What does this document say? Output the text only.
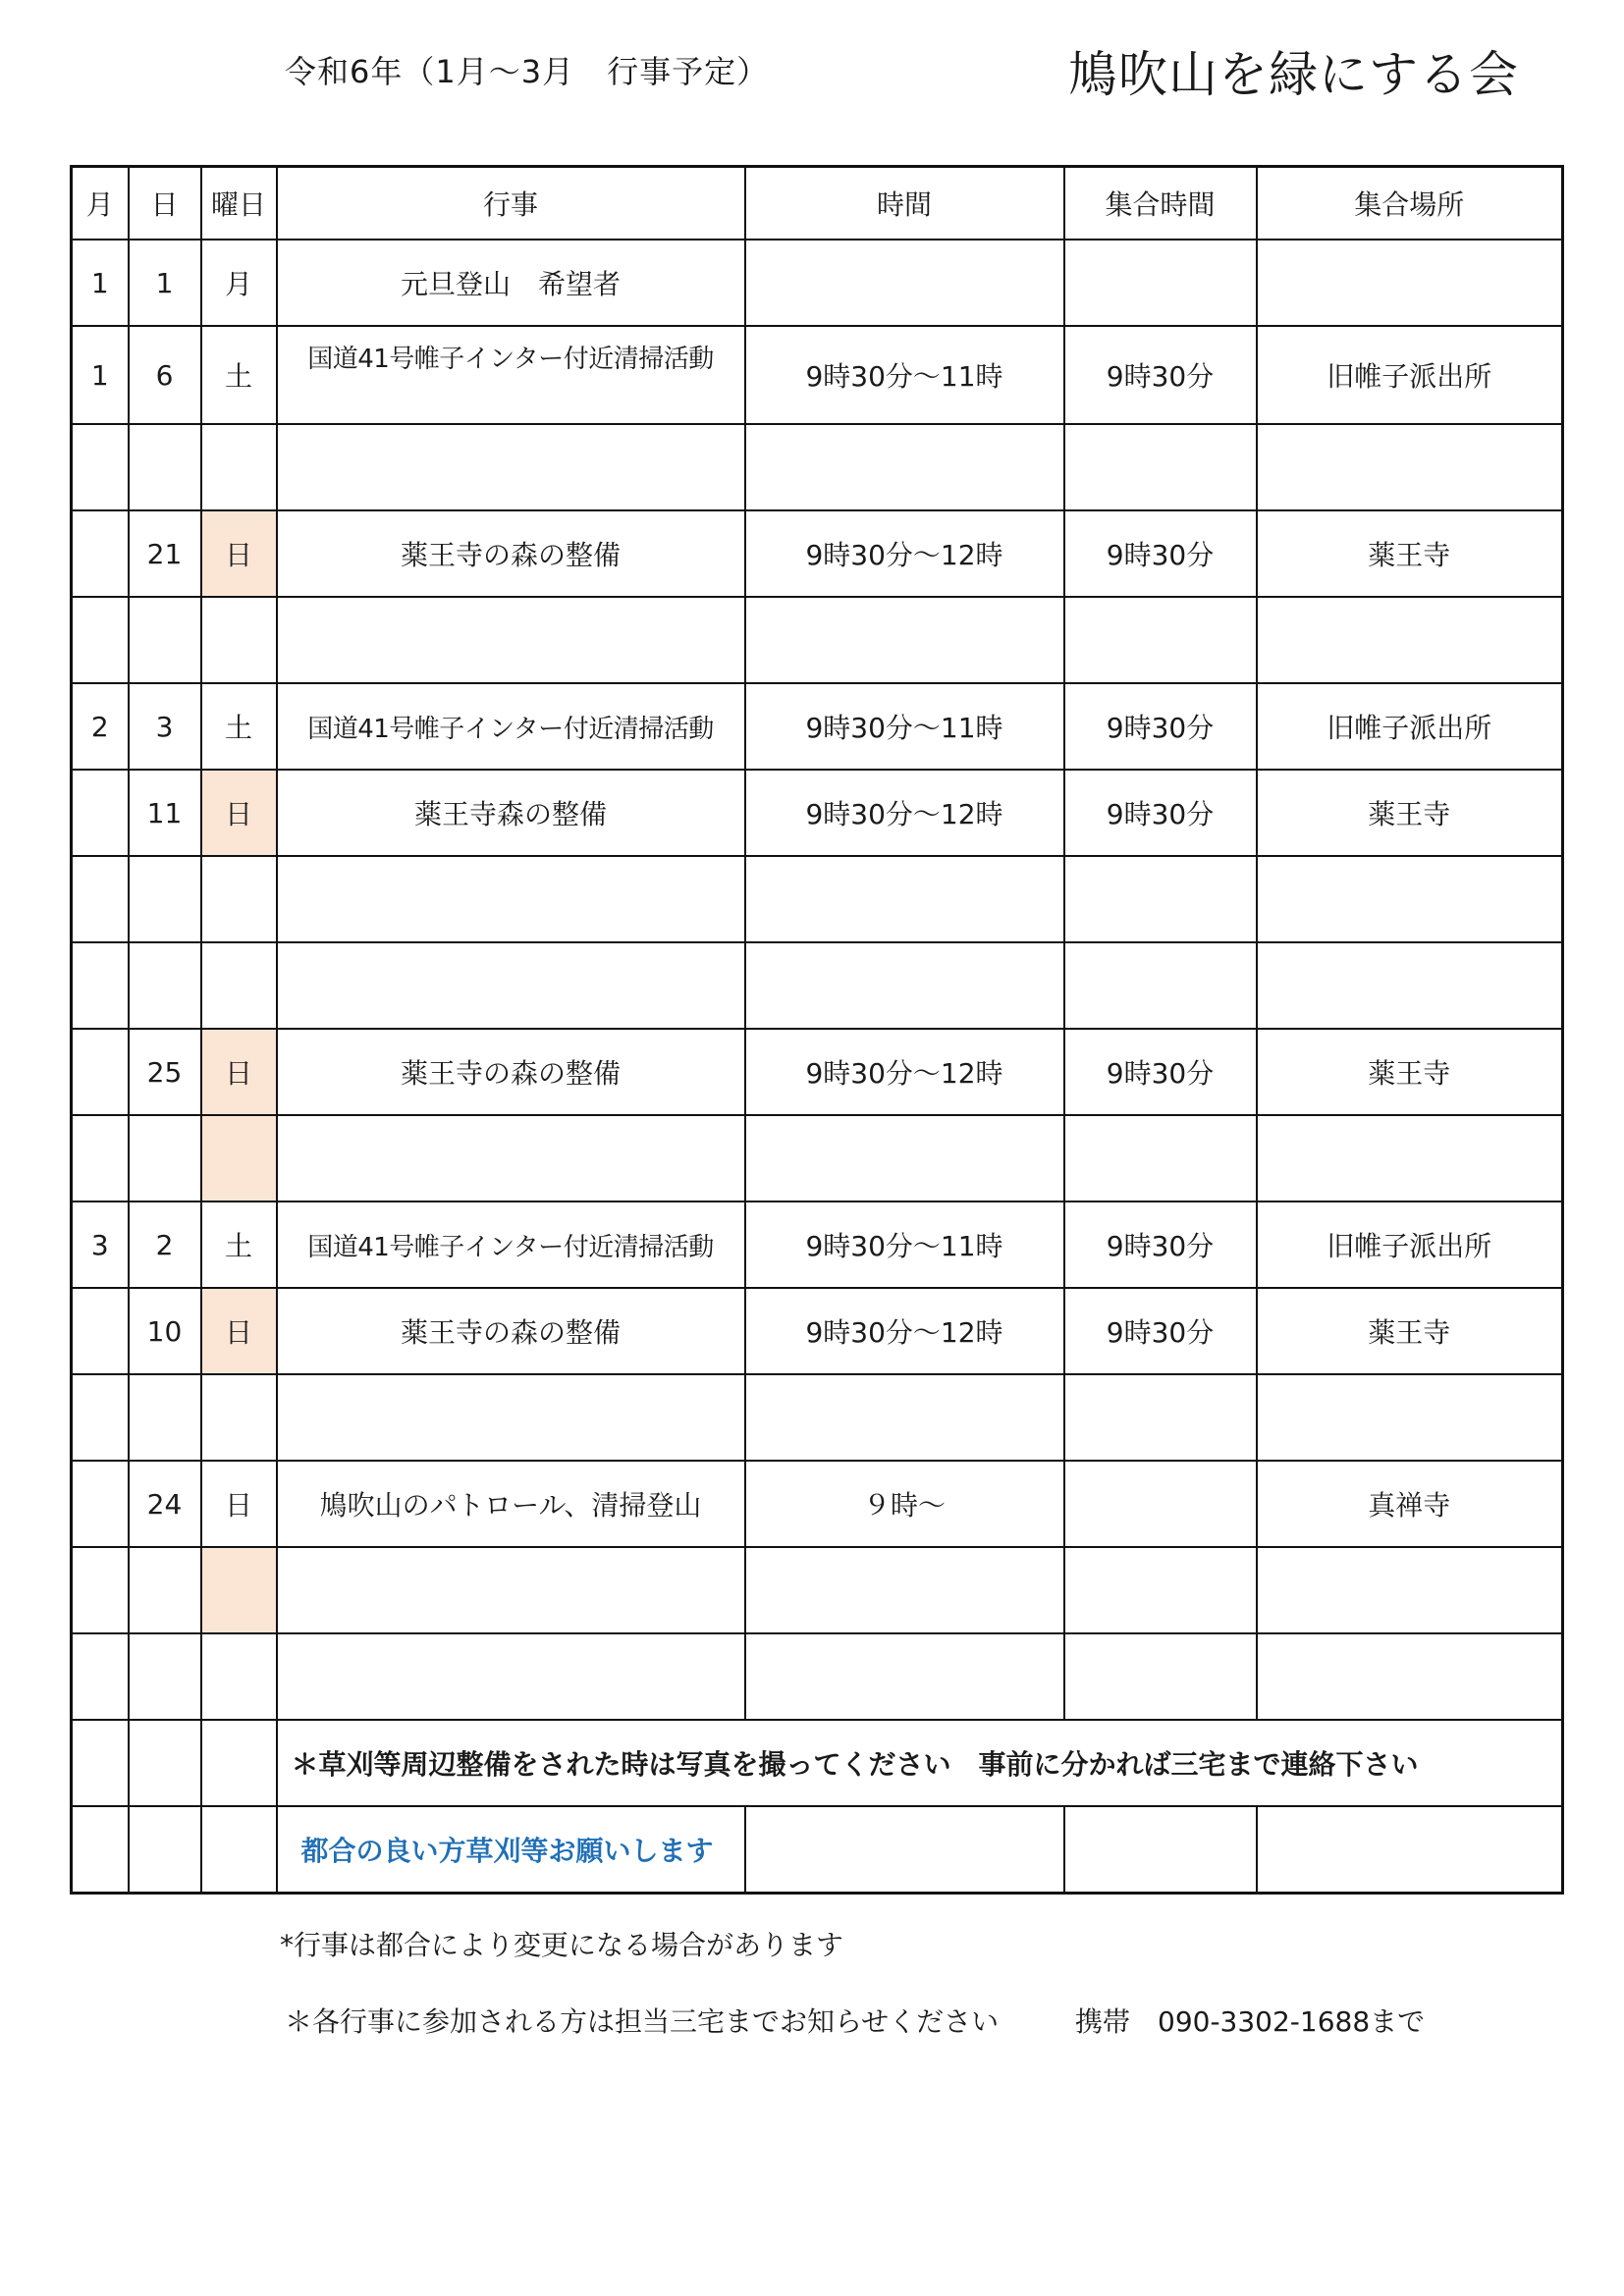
令和6年（1月～3月　行事予定）	鳩吹山を緑にする会
月	日	曜日	行事	時間	集合時間	集合場所
1	1	月	元旦登山　希望者			
1	6	土	国道41号帷子インター付近清掃活動	9時30分～11時	9時30分	旧帷子派出所

	21	日	薬王寺の森の整備	9時30分～12時	9時30分	薬王寺

2	3	土	国道41号帷子インター付近清掃活動	9時30分～11時	9時30分	旧帷子派出所
	11	日	薬王寺森の整備	9時30分～12時	9時30分	薬王寺

	25	日	薬王寺の森の整備	9時30分～12時	9時30分	薬王寺

3	2	土	国道41号帷子インター付近清掃活動	9時30分～11時	9時30分	旧帷子派出所
	10	日	薬王寺の森の整備	9時30分～12時	9時30分	薬王寺

	24	日	鳩吹山のパトロール、清掃登山	９時～		真禅寺

			＊草刈等周辺整備をされた時は写真を撮ってください　事前に分かれば三宅まで連絡下さい			
			都合の良い方草刈等お願いします			
*行事は都合により変更になる場合があります
＊各行事に参加される方は担当三宅までお知らせください	携帯　090-3302-1688まで
